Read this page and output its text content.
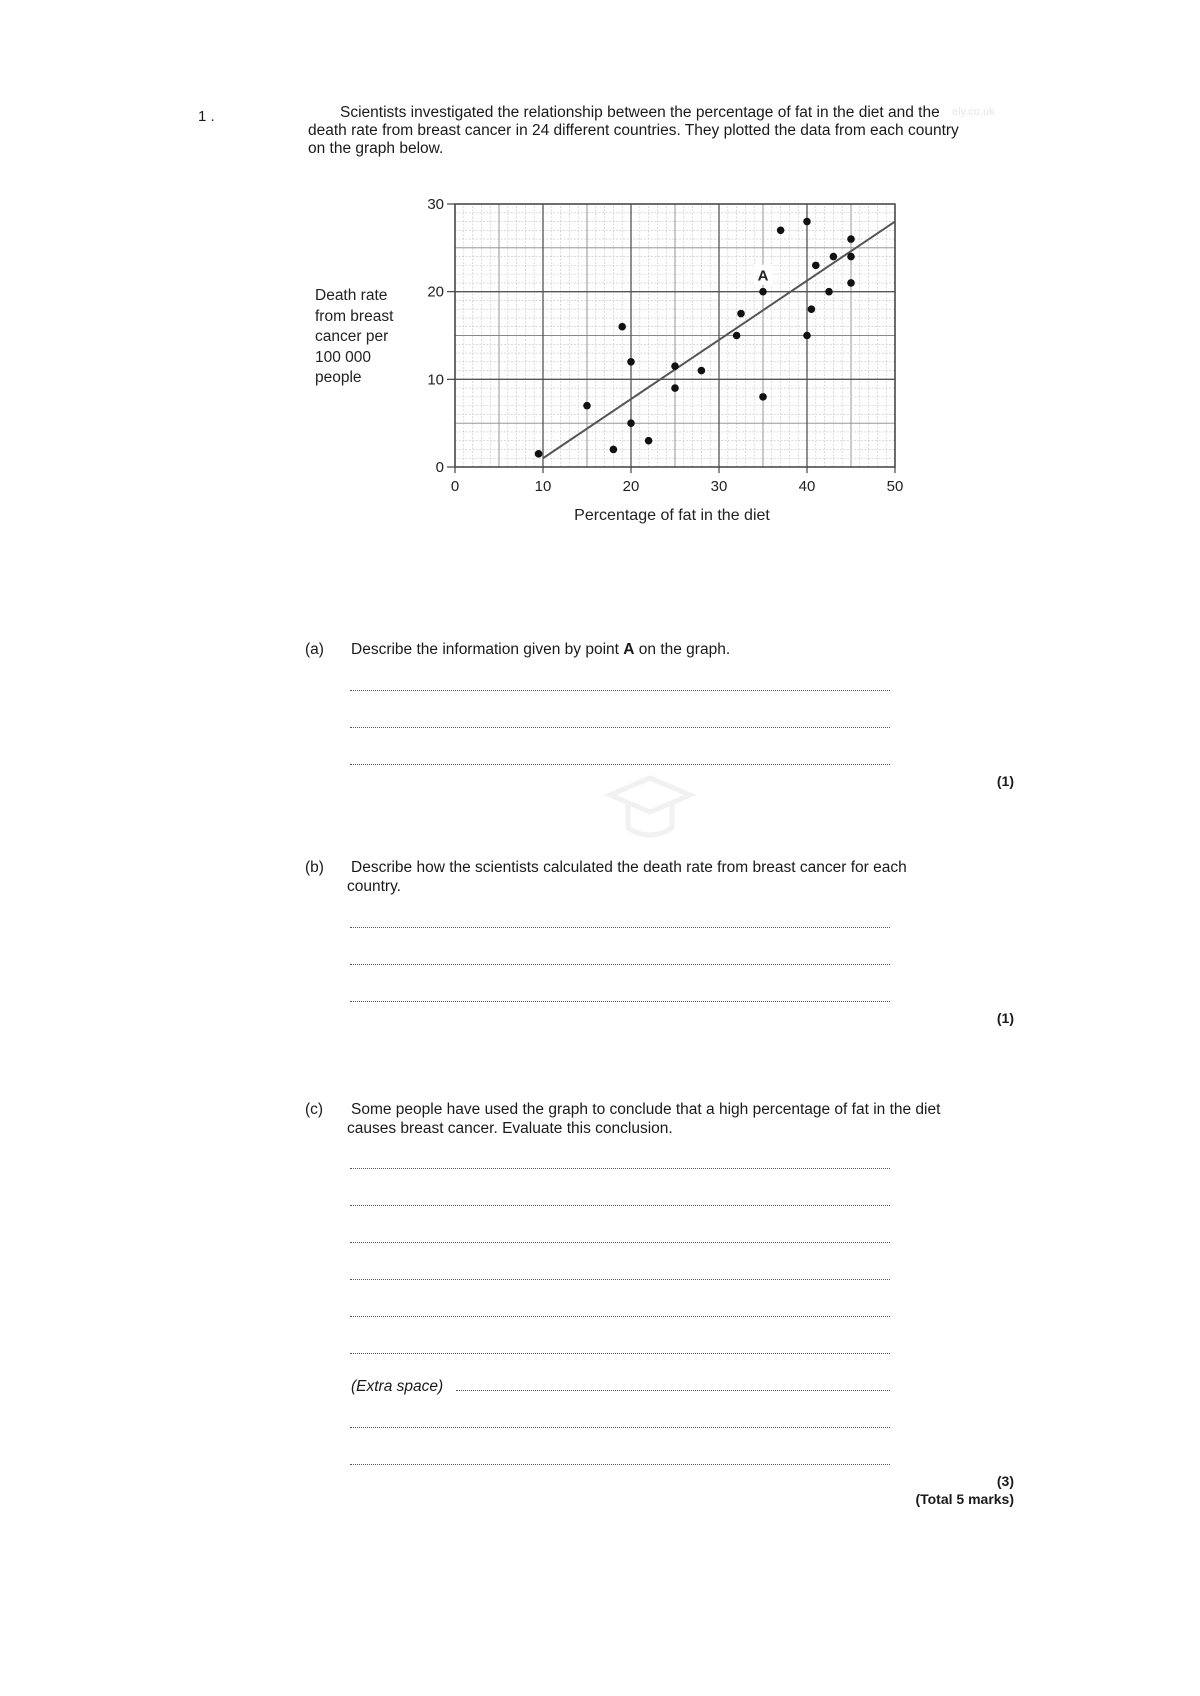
1 .	Scientists investigated the relationship between the percentage of fat in the diet and the death rate from breast cancer in 24 different countries. They plotted the data from each country on the graph below.
ely.co.uk
Death rate
from breast
cancer per
100 000
people
0	10	20	30	40	50
0
10
20
30
A
Percentage of fat in the diet
(a) Describe the information given by point A on the graph.
(1)
(b) Describe how the scientists calculated the death rate from breast cancer for each country.
(1)
(c) Some people have used the graph to conclude that a high percentage of fat in the diet causes breast cancer. Evaluate this conclusion.
(Extra space)
(3)
(Total 5 marks)
